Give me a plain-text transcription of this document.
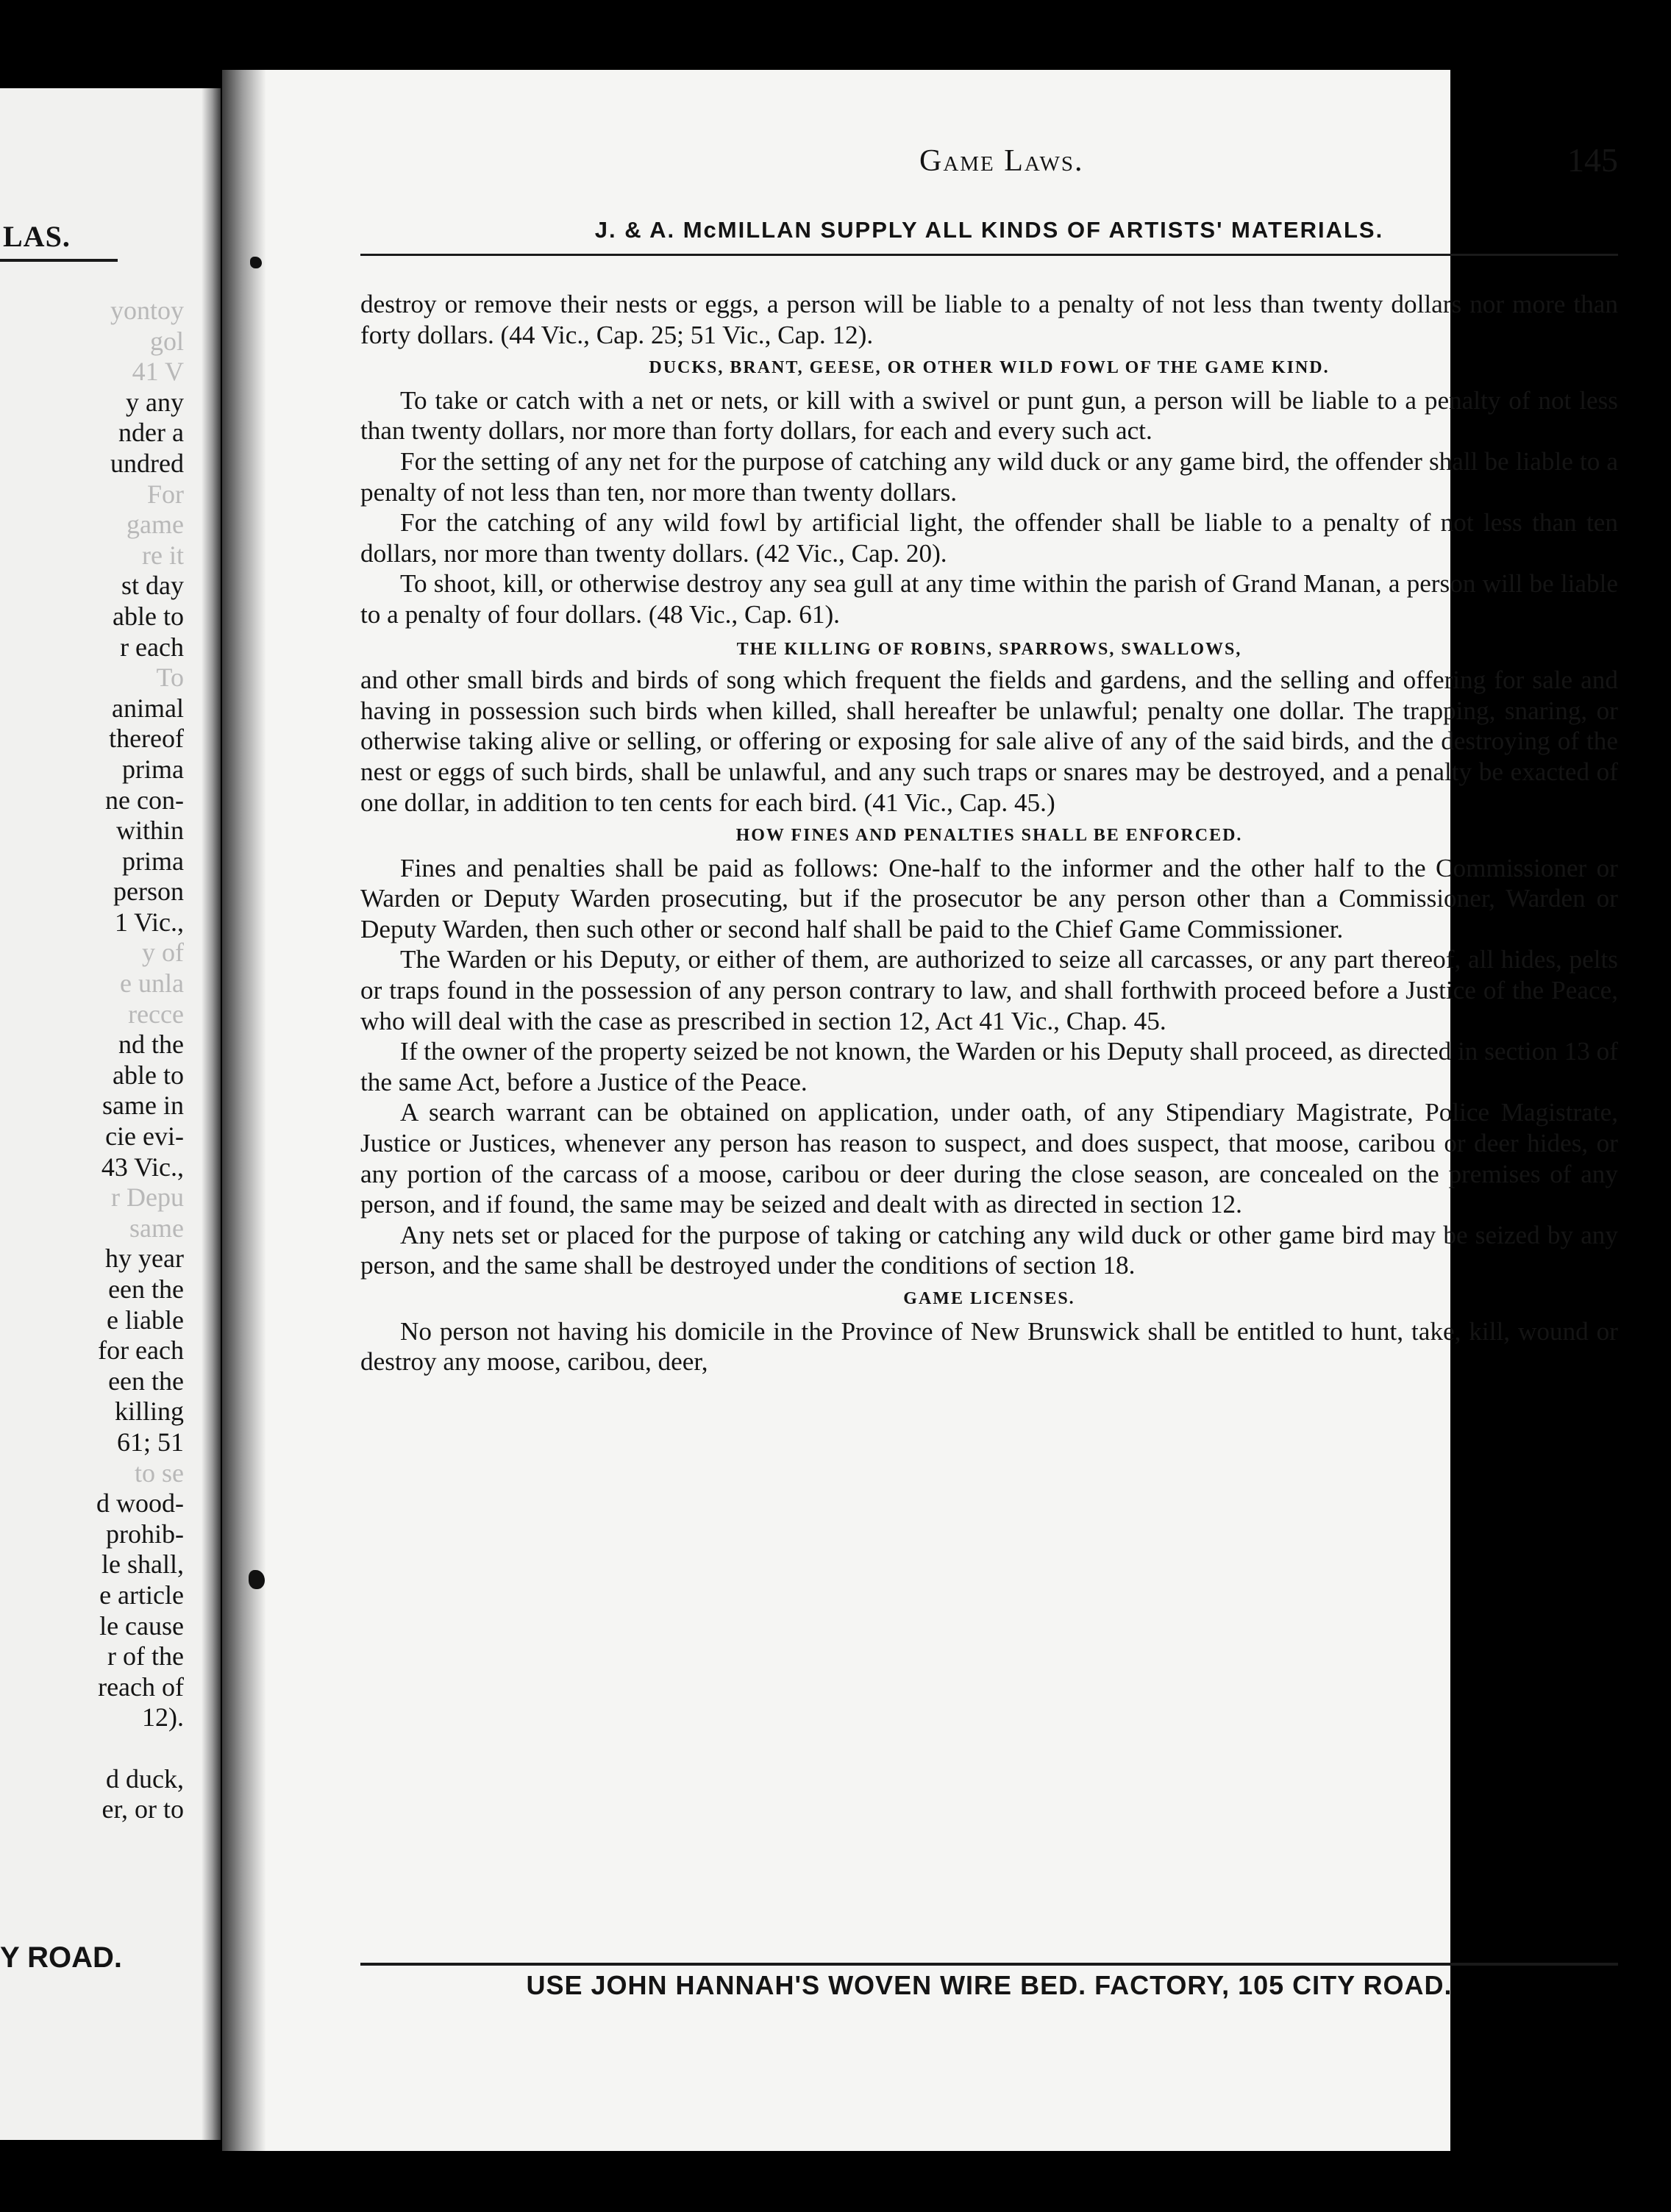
LAS.
yontoy
gol
41 V
y any
nder a
undred
For
game
re it
st day
able to
r each
To
animal
thereof
prima
ne con-
within
prima
person
1 Vic.,
y of
e unla
recce
nd the
able to
same in
cie evi-
43 Vic.,
r Depu
same
hy year
een the
e liable
for each
een the
killing
61; 51
to se
d wood-
prohib-
le shall,
e article
le cause
r of the
reach of
12).
d duck,
er, or to
Y ROAD.
Game Laws.	145
J. & A. McMILLAN SUPPLY ALL KINDS OF ARTISTS' MATERIALS.

destroy or remove their nests or eggs, a person will be liable to a penalty of not less than twenty dollars nor more than forty dollars. (44 Vic., Cap. 25; 51 Vic., Cap. 12).

DUCKS, BRANT, GEESE, OR OTHER WILD FOWL OF THE GAME KIND.

To take or catch with a net or nets, or kill with a swivel or punt gun, a person will be liable to a penalty of not less than twenty dollars, nor more than forty dollars, for each and every such act.

For the setting of any net for the purpose of catching any wild duck or any game bird, the offender shall be liable to a penalty of not less than ten, nor more than twenty dollars.

For the catching of any wild fowl by artificial light, the offender shall be liable to a penalty of not less than ten dollars, nor more than twenty dollars. (42 Vic., Cap. 20).

To shoot, kill, or otherwise destroy any sea gull at any time within the parish of Grand Manan, a person will be liable to a penalty of four dollars. (48 Vic., Cap. 61).

THE KILLING OF ROBINS, SPARROWS, SWALLOWS,

and other small birds and birds of song which frequent the fields and gardens, and the selling and offering for sale and having in possession such birds when killed, shall hereafter be unlawful; penalty one dollar. The trapping, snaring, or otherwise taking alive or selling, or offering or exposing for sale alive of any of the said birds, and the destroying of the nest or eggs of such birds, shall be unlawful, and any such traps or snares may be destroyed, and a penalty be exacted of one dollar, in addition to ten cents for each bird. (41 Vic., Cap. 45.)

HOW FINES AND PENALTIES SHALL BE ENFORCED.

Fines and penalties shall be paid as follows: One-half to the informer and the other half to the Commissioner or Warden or Deputy Warden prosecuting, but if the prosecutor be any person other than a Commissioner, Warden or Deputy Warden, then such other or second half shall be paid to the Chief Game Commissioner.

The Warden or his Deputy, or either of them, are authorized to seize all carcasses, or any part thereof, all hides, pelts or traps found in the possession of any person contrary to law, and shall forthwith proceed before a Justice of the Peace, who will deal with the case as prescribed in section 12, Act 41 Vic., Chap. 45.

If the owner of the property seized be not known, the Warden or his Deputy shall proceed, as directed in section 13 of the same Act, before a Justice of the Peace.

A search warrant can be obtained on application, under oath, of any Stipendiary Magistrate, Police Magistrate, Justice or Justices, whenever any person has reason to suspect, and does suspect, that moose, caribou or deer hides, or any portion of the carcass of a moose, caribou or deer during the close season, are concealed on the premises of any person, and if found, the same may be seized and dealt with as directed in section 12.

Any nets set or placed for the purpose of taking or catching any wild duck or other game bird may be seized by any person, and the same shall be destroyed under the conditions of section 18.

GAME LICENSES.

No person not having his domicile in the Province of New Brunswick shall be entitled to hunt, take, kill, wound or destroy any moose, caribou, deer,

USE JOHN HANNAH'S WOVEN WIRE BED. FACTORY, 105 CITY ROAD.
